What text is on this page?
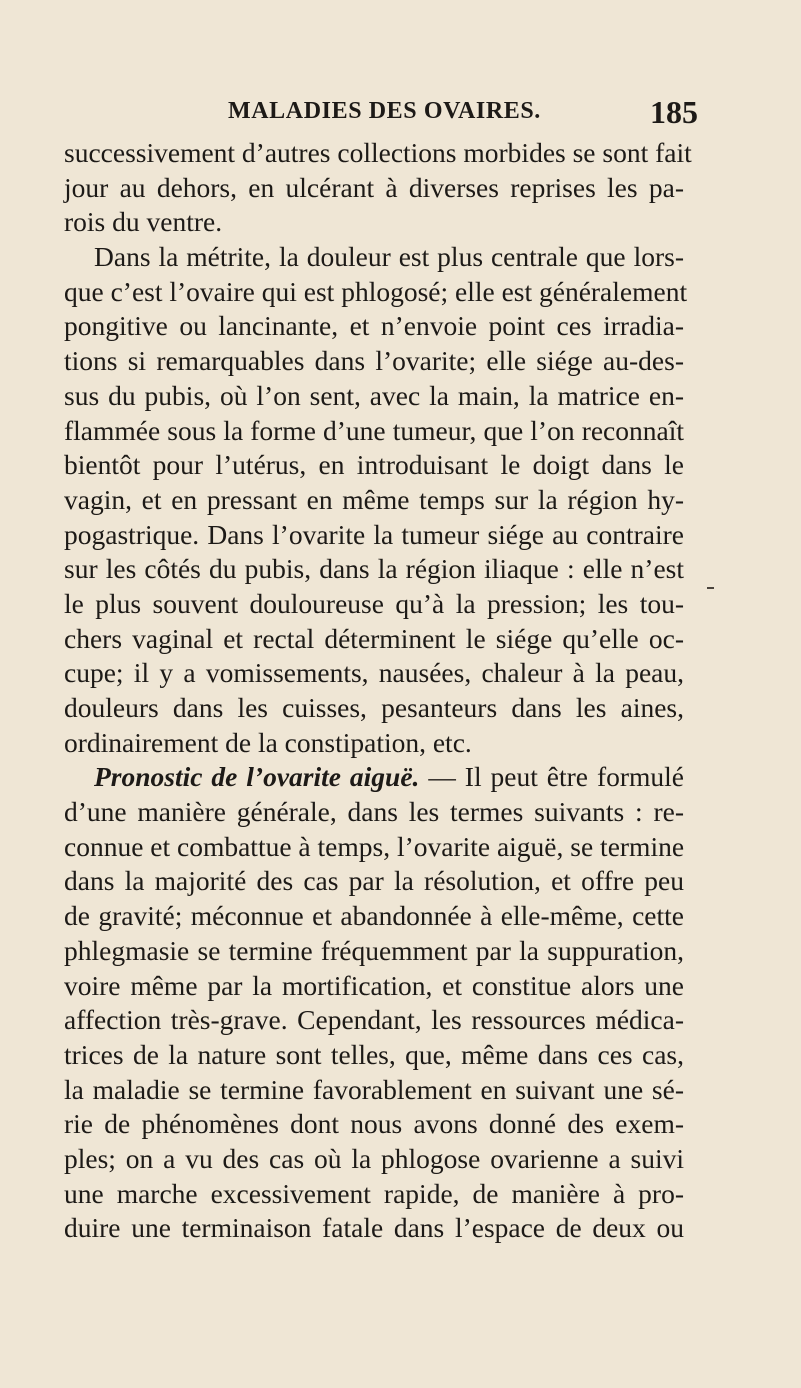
MALADIES DES OVAIRES.	185
successivement d’autres collections morbides se sont fait
jour au dehors, en ulcérant à diverses reprises les pa-
rois du ventre.
Dans la métrite, la douleur est plus centrale que lors-
que c’est l’ovaire qui est phlogosé; elle est généralement
pongitive ou lancinante, et n’envoie point ces irradia-
tions si remarquables dans l’ovarite; elle siége au-des-
sus du pubis, où l’on sent, avec la main, la matrice en-
flammée sous la forme d’une tumeur, que l’on reconnaît
bientôt pour l’utérus, en introduisant le doigt dans le
vagin, et en pressant en même temps sur la région hy-
pogastrique. Dans l’ovarite la tumeur siége au contraire
sur les côtés du pubis, dans la région iliaque : elle n’est
le plus souvent douloureuse qu’à la pression; les tou-
chers vaginal et rectal déterminent le siége qu’elle oc-
cupe; il y a vomissements, nausées, chaleur à la peau,
douleurs dans les cuisses, pesanteurs dans les aines,
ordinairement de la constipation, etc.
Pronostic de l’ovarite aiguë. — Il peut être formulé
d’une manière générale, dans les termes suivants : re-
connue et combattue à temps, l’ovarite aiguë, se termine
dans la majorité des cas par la résolution, et offre peu
de gravité; méconnue et abandonnée à elle-même, cette
phlegmasie se termine fréquemment par la suppuration,
voire même par la mortification, et constitue alors une
affection très-grave. Cependant, les ressources médica-
trices de la nature sont telles, que, même dans ces cas,
la maladie se termine favorablement en suivant une sé-
rie de phénomènes dont nous avons donné des exem-
ples; on a vu des cas où la phlogose ovarienne a suivi
une marche excessivement rapide, de manière à pro-
duire une terminaison fatale dans l’espace de deux ou
